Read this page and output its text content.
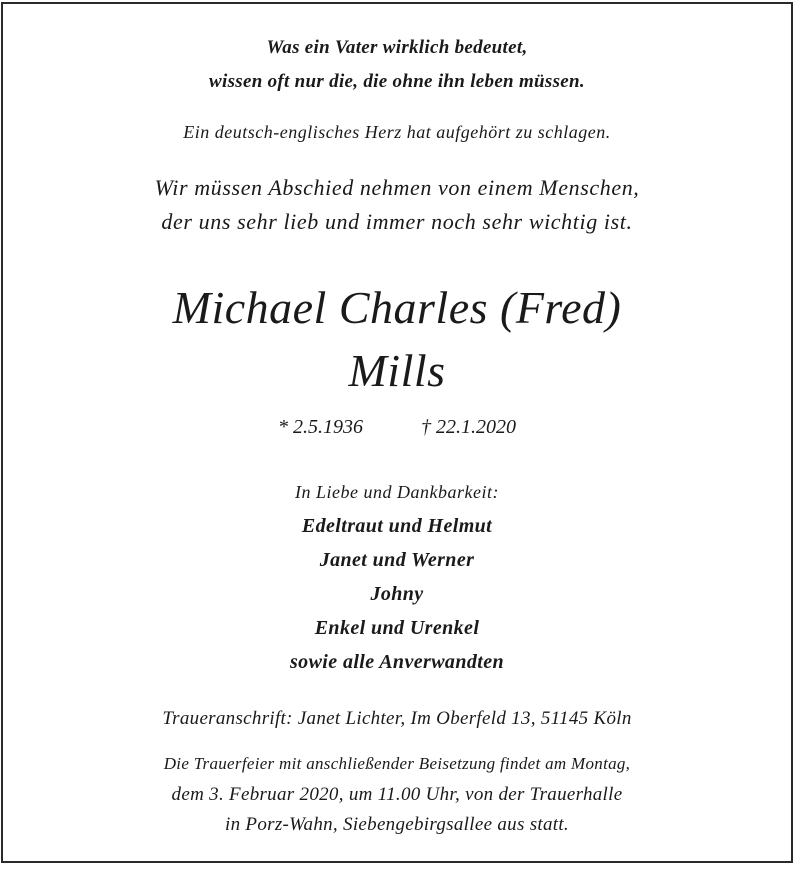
Was ein Vater wirklich bedeutet,
wissen oft nur die, die ohne ihn leben müssen.
Ein deutsch-englisches Herz hat aufgehört zu schlagen.
Wir müssen Abschied nehmen von einem Menschen,
der uns sehr lieb und immer noch sehr wichtig ist.
Michael Charles (Fred)
Mills
* 2.5.1936	† 22.1.2020
In Liebe und Dankbarkeit:
Edeltraut und Helmut
Janet und Werner
Johny
Enkel und Urenkel
sowie alle Anverwandten
Traueranschrift: Janet Lichter, Im Oberfeld 13, 51145 Köln
Die Trauerfeier mit anschließender Beisetzung findet am Montag,
dem 3. Februar 2020, um 11.00 Uhr, von der Trauerhalle
in Porz-Wahn, Siebengebirgsallee aus statt.
